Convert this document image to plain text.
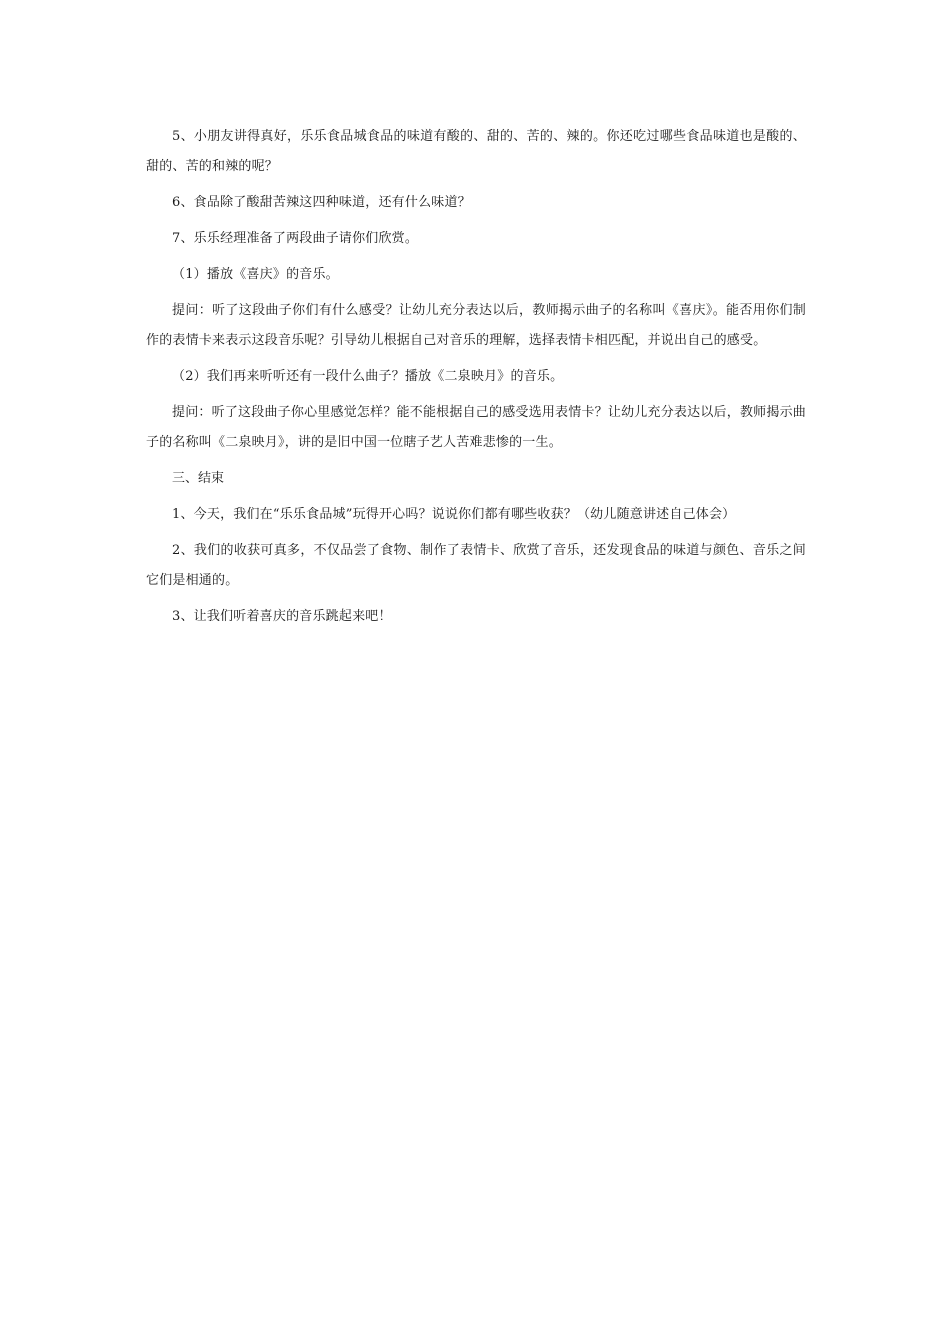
5、小朋友讲得真好，乐乐食品城食品的味道有酸的、甜的、苦的、辣的。你还吃过哪些食品味道也是酸的、甜的、苦的和辣的呢？

6、食品除了酸甜苦辣这四种味道，还有什么味道？

7、乐乐经理准备了两段曲子请你们欣赏。

（1）播放《喜庆》的音乐。

提问：听了这段曲子你们有什么感受？让幼儿充分表达以后，教师揭示曲子的名称叫《喜庆》。能否用你们制作的表情卡来表示这段音乐呢？引导幼儿根据自己对音乐的理解，选择表情卡相匹配，并说出自己的感受。

（2）我们再来听听还有一段什么曲子？播放《二泉映月》的音乐。

提问：听了这段曲子你心里感觉怎样？能不能根据自己的感受选用表情卡？让幼儿充分表达以后，教师揭示曲子的名称叫《二泉映月》，讲的是旧中国一位瞎子艺人苦难悲惨的一生。

三、结束

1、今天，我们在“乐乐食品城”玩得开心吗？说说你们都有哪些收获？（幼儿随意讲述自己体会）

2、我们的收获可真多，不仅品尝了食物、制作了表情卡、欣赏了音乐，还发现食品的味道与颜色、音乐之间它们是相通的。

3、让我们听着喜庆的音乐跳起来吧！
